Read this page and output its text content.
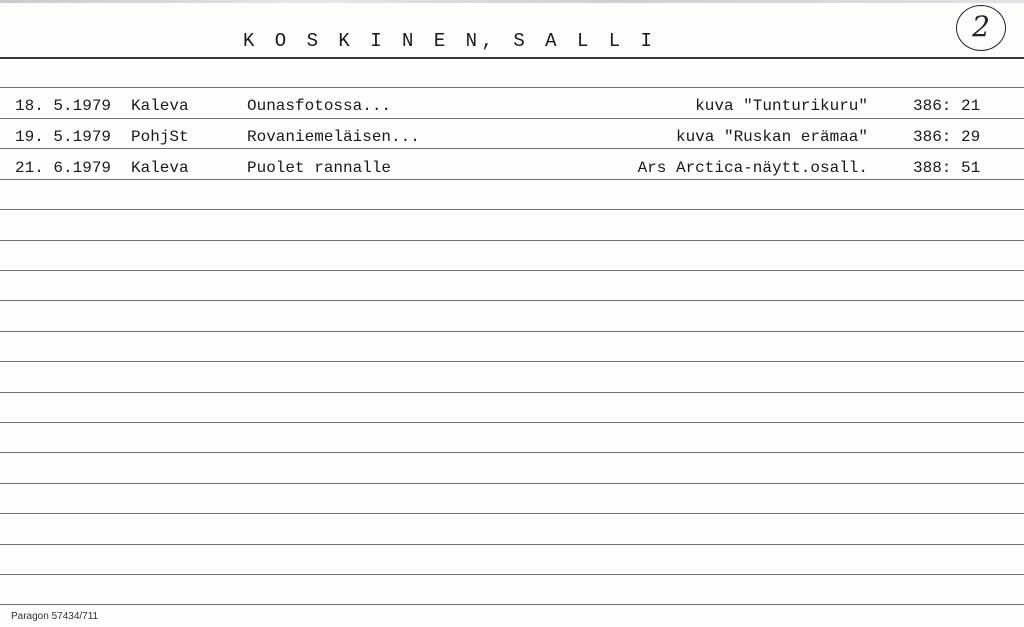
K O S K I N E N, S A L L I	2
18. 5.1979 Kaleva	Ounasfotossa...	kuva "Tunturikuru"	386: 21
19. 5.1979 PohjSt	Rovaniemeläisen...	kuva "Ruskan erämaa"	386: 29
21. 6.1979 Kaleva	Puolet rannalle	Ars Arctica-näytt.osall.	388: 51
Paragon 57434/711
